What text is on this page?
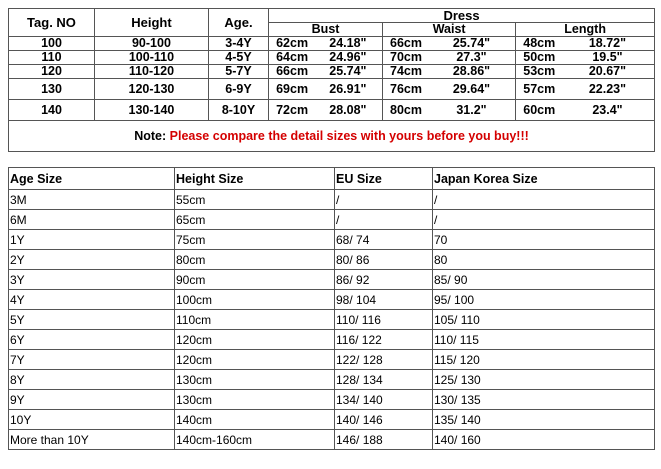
Tag. NO	Height	Age.	Dress					
			Bust		Waist		Length	

100	90-100	3-4Y	62cm	24.18"	66cm	25.74"	48cm	18.72"
110	100-110	4-5Y	64cm	24.96"	70cm	27.3"	50cm	19.5"
120	110-120	5-7Y	66cm	25.74"	74cm	28.86"	53cm	20.67"
130	120-130	6-9Y	69cm	26.91"	76cm	29.64"	57cm	22.23"
140	130-140	8-10Y	72cm	28.08"	80cm	31.2"	60cm	23.4"
Note: Please compare the detail sizes with yours before you buy!!!								
Age Size	Height Size	EU Size	Japan Korea Size
3M	55cm	/	/
6M	65cm	/	/
1Y	75cm	68/ 74	70
2Y	80cm	80/ 86	80
3Y	90cm	86/ 92	85/ 90
4Y	100cm	98/ 104	95/ 100
5Y	110cm	110/ 116	105/ 110
6Y	120cm	116/ 122	110/ 115
7Y	120cm	122/ 128	115/ 120
8Y	130cm	128/ 134	125/ 130
9Y	130cm	134/ 140	130/ 135
10Y	140cm	140/ 146	135/ 140
More than 10Y	140cm-160cm	146/ 188	140/ 160
